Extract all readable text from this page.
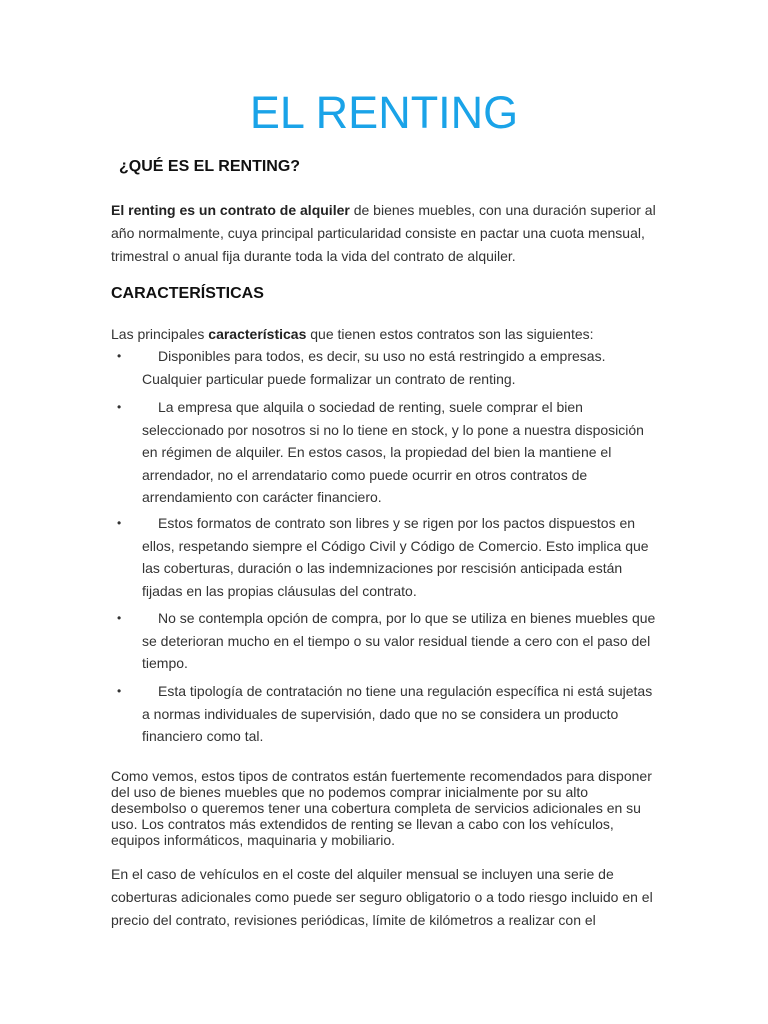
EL RENTING
¿QUÉ ES EL RENTING?

El renting es un contrato de alquiler de bienes muebles, con una duración superior al año normalmente, cuya principal particularidad consiste en pactar una cuota mensual, trimestral o anual fija durante toda la vida del contrato de alquiler.

CARACTERÍSTICAS

Las principales características que tienen estos contratos son las siguientes:

•	Disponibles para todos, es decir, su uso no está restringido a empresas. Cualquier particular puede formalizar un contrato de renting.

•	La empresa que alquila o sociedad de renting, suele comprar el bien seleccionado por nosotros si no lo tiene en stock, y lo pone a nuestra disposición en régimen de alquiler. En estos casos, la propiedad del bien la mantiene el arrendador, no el arrendatario como puede ocurrir en otros contratos de arrendamiento con carácter financiero.

•	Estos formatos de contrato son libres y se rigen por los pactos dispuestos en ellos, respetando siempre el Código Civil y Código de Comercio. Esto implica que las coberturas, duración o las indemnizaciones por rescisión anticipada están fijadas en las propias cláusulas del contrato.

•	No se contempla opción de compra, por lo que se utiliza en bienes muebles que se deterioran mucho en el tiempo o su valor residual tiende a cero con el paso del tiempo.

•	Esta tipología de contratación no tiene una regulación específica ni está sujetas a normas individuales de supervisión, dado que no se considera un producto financiero como tal.

Como vemos, estos tipos de contratos están fuertemente recomendados para disponer del uso de bienes muebles que no podemos comprar inicialmente por su alto desembolso o queremos tener una cobertura completa de servicios adicionales en su uso. Los contratos más extendidos de renting se llevan a cabo con los vehículos, equipos informáticos, maquinaria y mobiliario.

En el caso de vehículos en el coste del alquiler mensual se incluyen una serie de coberturas adicionales como puede ser seguro obligatorio o a todo riesgo incluido en el precio del contrato, revisiones periódicas, límite de kilómetros a realizar con el
